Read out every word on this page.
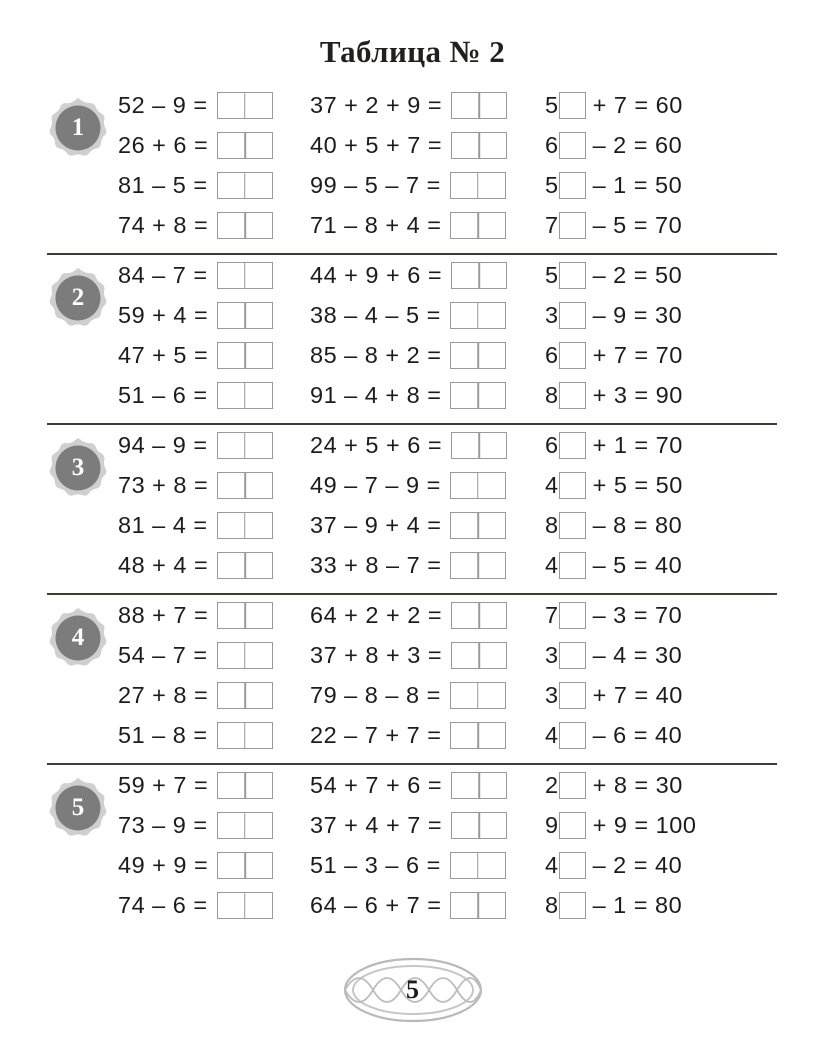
Таблица № 2
1
52 – 9 =	37 + 2 + 9 =	5 + 7 = 60
26 + 6 =	40 + 5 + 7 =	6 – 2 = 60
81 – 5 =	99 – 5 – 7 =	5 – 1 = 50
74 + 8 =	71 – 8 + 4 =	7 – 5 = 70
2
84 – 7 =	44 + 9 + 6 =	5 – 2 = 50
59 + 4 =	38 – 4 – 5 =	3 – 9 = 30
47 + 5 =	85 – 8 + 2 =	6 + 7 = 70
51 – 6 =	91 – 4 + 8 =	8 + 3 = 90
3
94 – 9 =	24 + 5 + 6 =	6 + 1 = 70
73 + 8 =	49 – 7 – 9 =	4 + 5 = 50
81 – 4 =	37 – 9 + 4 =	8 – 8 = 80
48 + 4 =	33 + 8 – 7 =	4 – 5 = 40
4
88 + 7 =	64 + 2 + 2 =	7 – 3 = 70
54 – 7 =	37 + 8 + 3 =	3 – 4 = 30
27 + 8 =	79 – 8 – 8 =	3 + 7 = 40
51 – 8 =	22 – 7 + 7 =	4 – 6 = 40
5
59 + 7 =	54 + 7 + 6 =	2 + 8 = 30
73 – 9 =	37 + 4 + 7 =	9 + 9 = 100
49 + 9 =	51 – 3 – 6 =	4 – 2 = 40
74 – 6 =	64 – 6 + 7 =	8 – 1 = 80
5
